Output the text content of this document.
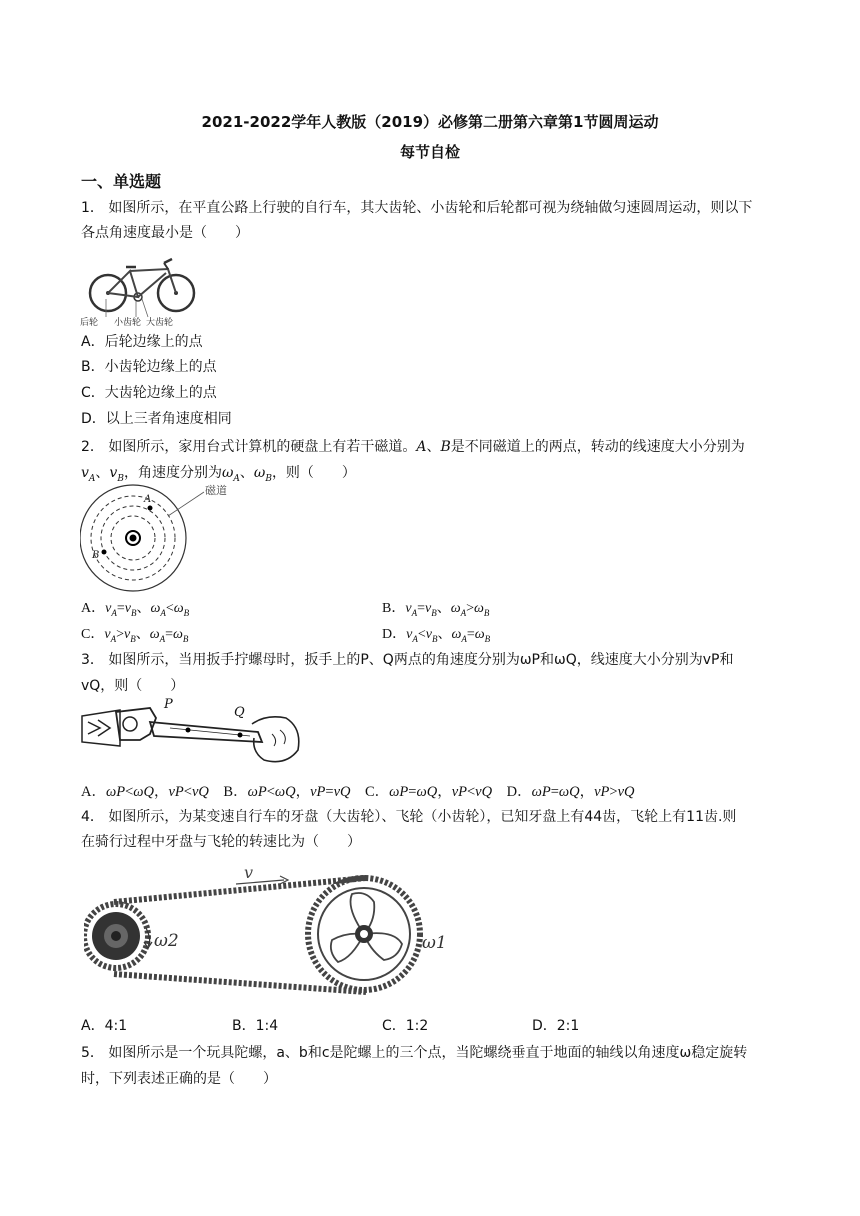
2021-2022学年人教版（2019）必修第二册第六章第1节圆周运动
每节自检
一、单选题
1． 如图所示，在平直公路上行驶的自行车，其大齿轮、小齿轮和后轮都可视为绕轴做匀速圆周运动，则以下
各点角速度最小是（　　）
后轮 小齿轮 大齿轮
A．后轮边缘上的点
B．小齿轮边缘上的点
C．大齿轮边缘上的点
D．以上三者角速度相同
2． 如图所示，家用台式计算机的硬盘上有若干磁道。A、B是不同磁道上的两点，转动的线速度大小分别为
$v_A$、$v_B$，角速度分别为$\omega_A$、$\omega_B$，则（　　）
A
B
磁道
A．$v_A=v_B$、$\omega_A<\omega_B$	B．$v_A=v_B$、$\omega_A>\omega_B$
C．$v_A>v_B$、$\omega_A=\omega_B$	D．$v_A<v_B$、$\omega_A=\omega_B$
3． 如图所示，当用扳手拧螺母时，扳手上的P、Q两点的角速度分别为ωP和ωQ，线速度大小分别为vP和
vQ，则（　　）
P
Q
A．ωP<ωQ，vP<vQ B．ωP<ωQ，vP=vQ C．ωP=ωQ，vP<vQ D．ωP=ωQ，vP>vQ
4． 如图所示，为某变速自行车的牙盘（大齿轮）、飞轮（小齿轮），已知牙盘上有44齿，飞轮上有11齿.则
在骑行过程中牙盘与飞轮的转速比为（　　）
v
ω2	ω1
A．4:1	B．1:4	C．1:2	D．2:1
5． 如图所示是一个玩具陀螺，a、b和c是陀螺上的三个点，当陀螺绕垂直于地面的轴线以角速度ω稳定旋转
时，下列表述正确的是（　　）
